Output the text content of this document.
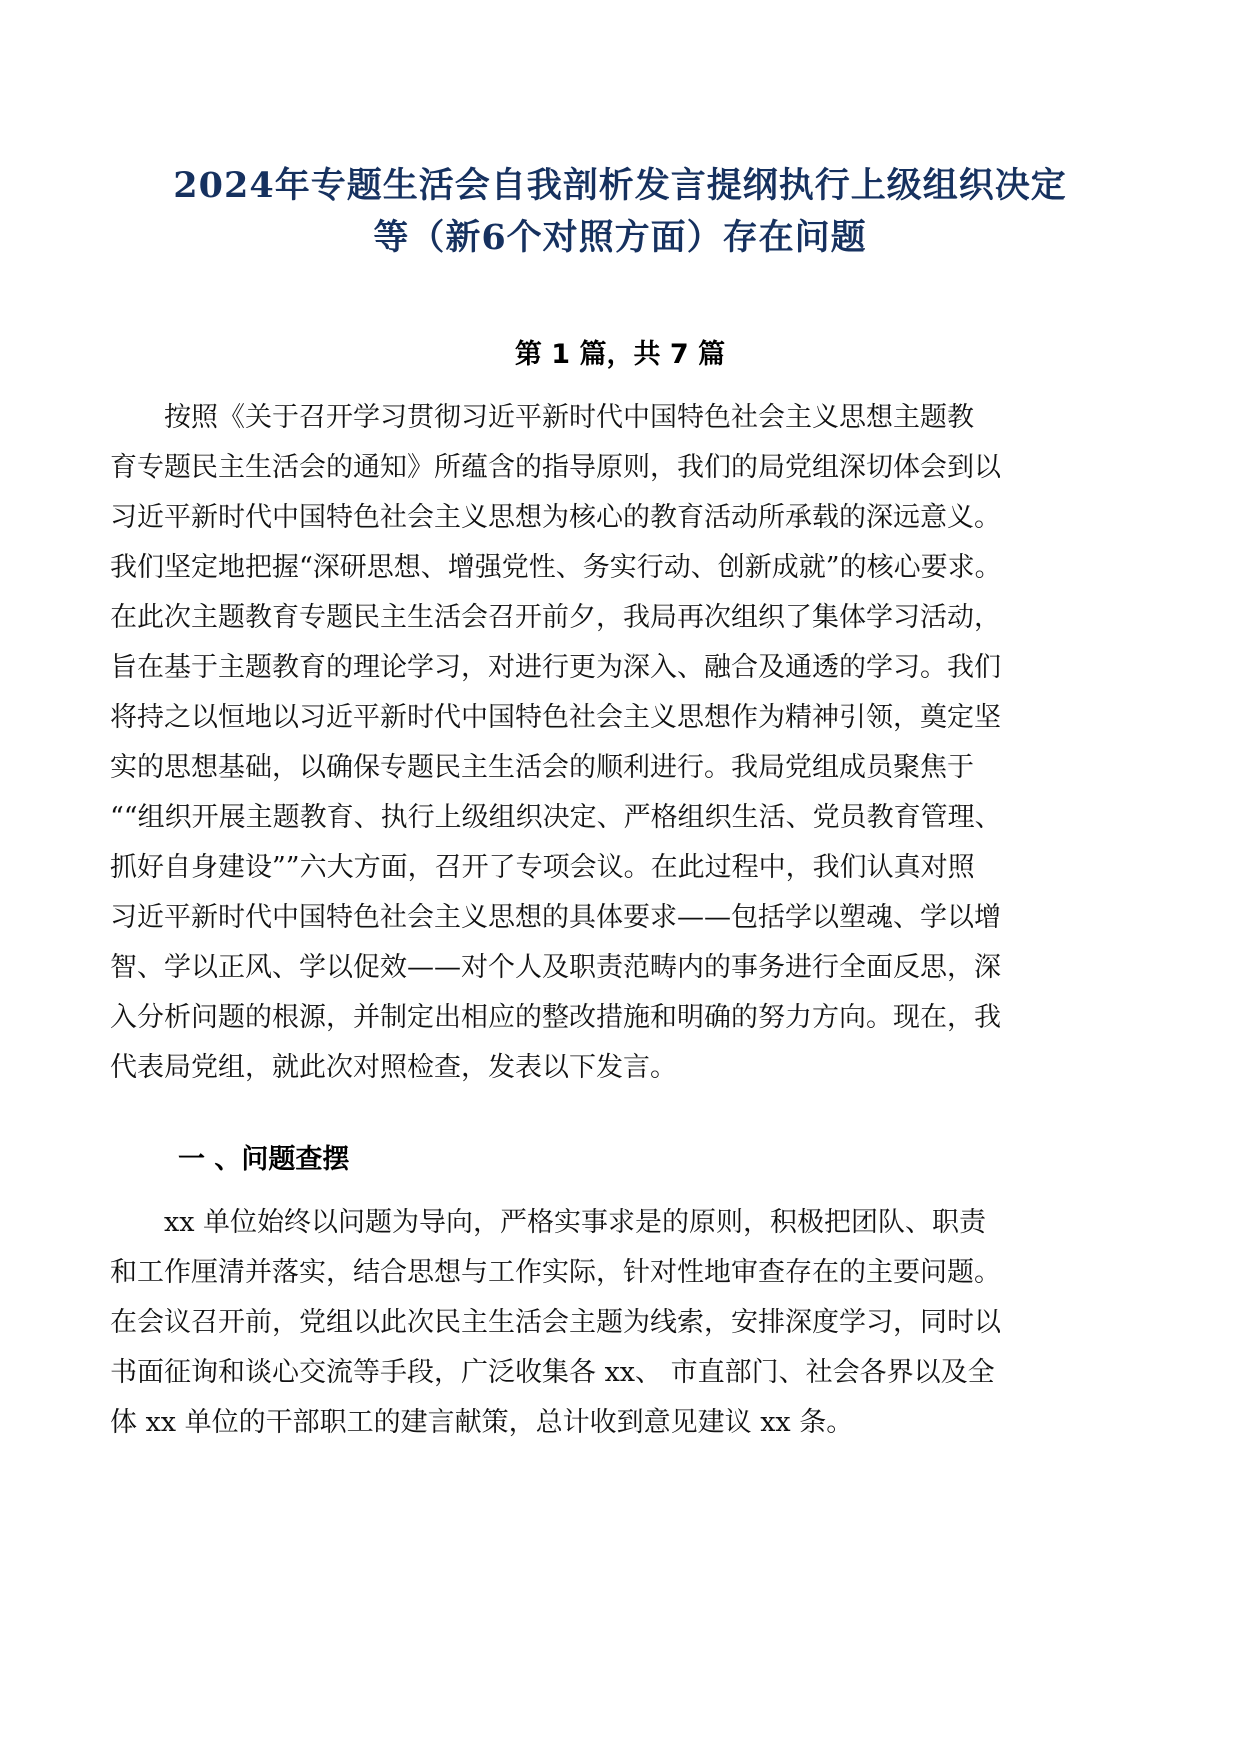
2024年专题生活会自我剖析发言提纲执行上级组织决定
等（新6个对照方面）存在问题
第 1 篇，共 7 篇
　　按照《关于召开学习贯彻习近平新时代中国特色社会主义思想主题教
育专题民主生活会的通知》所蕴含的指导原则，我们的局党组深切体会到以
习近平新时代中国特色社会主义思想为核心的教育活动所承载的深远意义。
我们坚定地把握“深研思想、增强党性、务实行动、创新成就”的核心要求。
在此次主题教育专题民主生活会召开前夕，我局再次组织了集体学习活动，
旨在基于主题教育的理论学习，对进行更为深入、融合及通透的学习。我们
将持之以恒地以习近平新时代中国特色社会主义思想作为精神引领，奠定坚
实的思想基础，以确保专题民主生活会的顺利进行。我局党组成员聚焦于
““组织开展主题教育、执行上级组织决定、严格组织生活、党员教育管理、
抓好自身建设””六大方面，召开了专项会议。在此过程中，我们认真对照
习近平新时代中国特色社会主义思想的具体要求——包括学以塑魂、学以增
智、学以正风、学以促效——对个人及职责范畴内的事务进行全面反思，深
入分析问题的根源，并制定出相应的整改措施和明确的努力方向。现在，我
代表局党组，就此次对照检查，发表以下发言。
一 、问题查摆
　　xx 单位始终以问题为导向，严格实事求是的原则，积极把团队、职责
和工作厘清并落实，结合思想与工作实际，针对性地审查存在的主要问题。
在会议召开前，党组以此次民主生活会主题为线索，安排深度学习，同时以
书面征询和谈心交流等手段，广泛收集各 xx、 市直部门、社会各界以及全
体 xx 单位的干部职工的建言献策，总计收到意见建议 xx 条。
